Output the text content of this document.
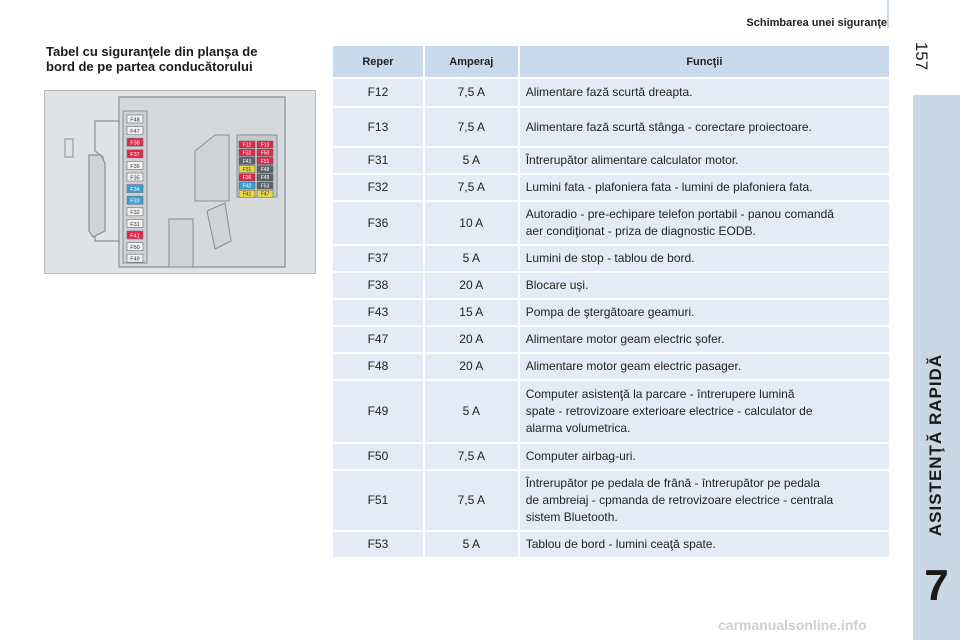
Schimbarea unei siguranţe
157
ASISTENŢĂ RAPIDĂ
7
Tabel cu siguranţele din planşa de
bord de pe partea conducătorului
F48
F47
F38
F37
F36
F35
F34
F33
F32
F31
F41
F50
F49
F12 F13
F32 F50
F43 F51
F31 F48
F36 F49
F42 F53
F41 F47
Reper	Amperaj	Funcţii
F12	7,5 A	Alimentare fază scurtă dreapta.

F13	7,5 A	Alimentare fază scurtă stânga - corectare proiectoare.

F31	5 A	Întrerupător alimentare calculator motor.

F32	7,5 A	Lumini fata - plafoniera fata - lumini de plafoniera fata.

F36	10 A	Autoradio - pre-echipare telefon portabil - panou comandă
aer condiţionat - priza de diagnostic EODB.

F37	5 A	Lumini de stop - tablou de bord.

F38	20 A	Blocare uşi.

F43	15 A	Pompa de ştergătoare geamuri.

F47	20 A	Alimentare motor geam electric şofer.

F48	20 A	Alimentare motor geam electric pasager.

F49	5 A	Computer asistenţă la parcare - întrerupere lumină
spate - retrovizoare exterioare electrice - calculator de
alarma volumetrica.

F50	7,5 A	Computer airbag-uri.

F51	7,5 A	Întrerupător pe pedala de frână - întrerupător pe pedala
de ambreiaj - cpmanda de retrovizoare electrice - centrala
sistem Bluetooth.

F53	5 A	Tablou de bord - lumini ceaţă spate.
carmanualsonline.info
